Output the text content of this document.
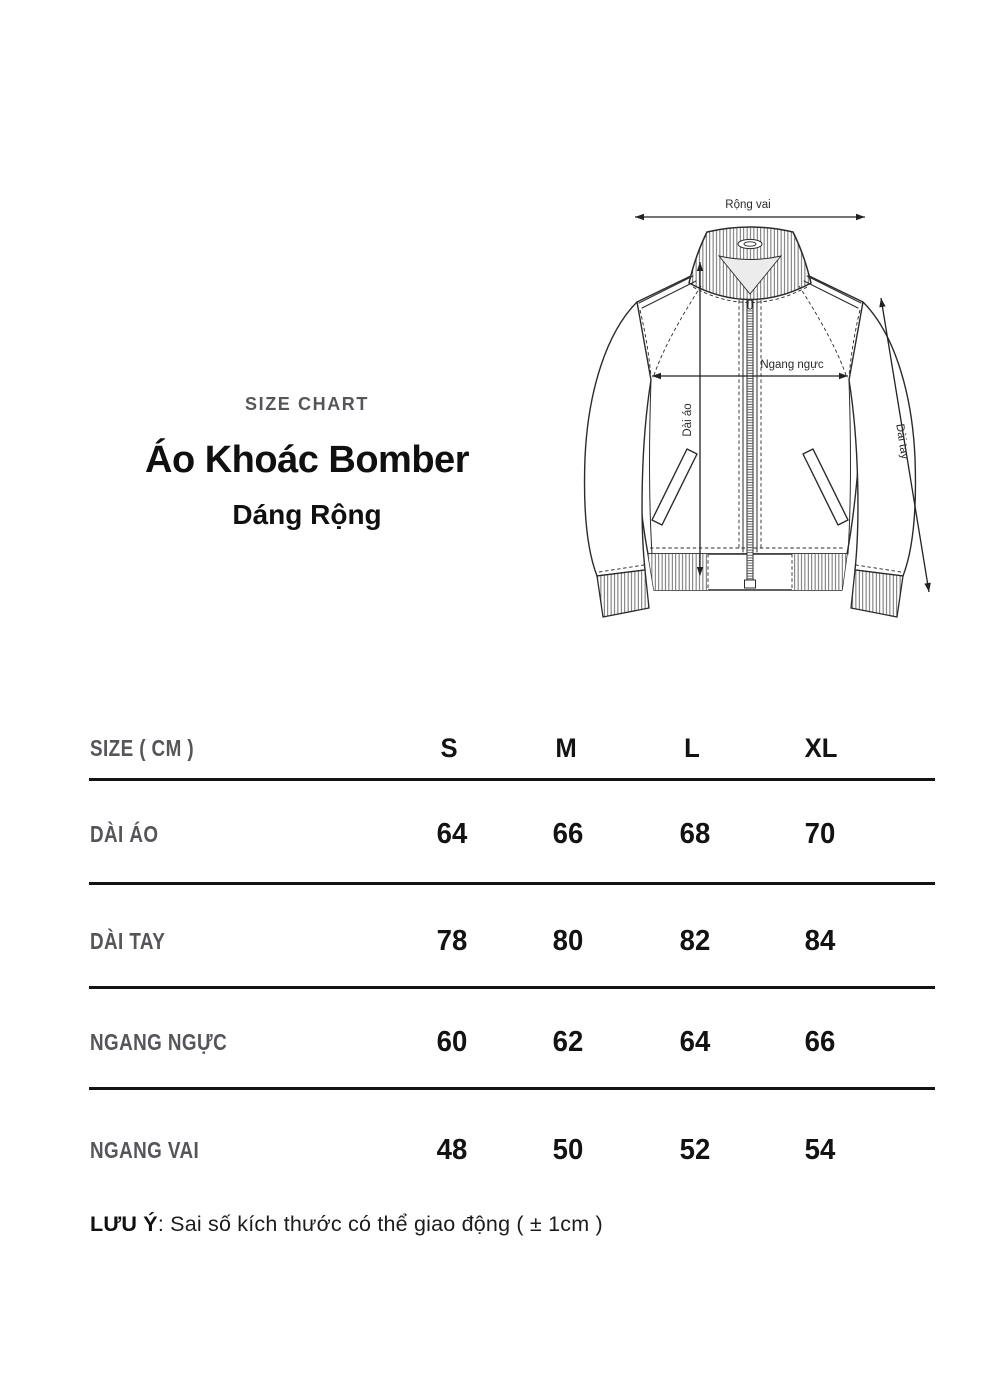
SIZE CHART
Áo Khoác Bomber
Dáng Rộng
Rộng vai
Ngang ngực
Dài áo
Dài tay
SIZE ( CM )	S	M	L	XL
DÀI ÁO	64	66	68	70
DÀI TAY	78	80	82	84
NGANG NGỰC	60	62	64	66
NGANG VAI	48	50	52	54
LƯU Ý: Sai số kích thước có thể giao động ( ± 1cm )
